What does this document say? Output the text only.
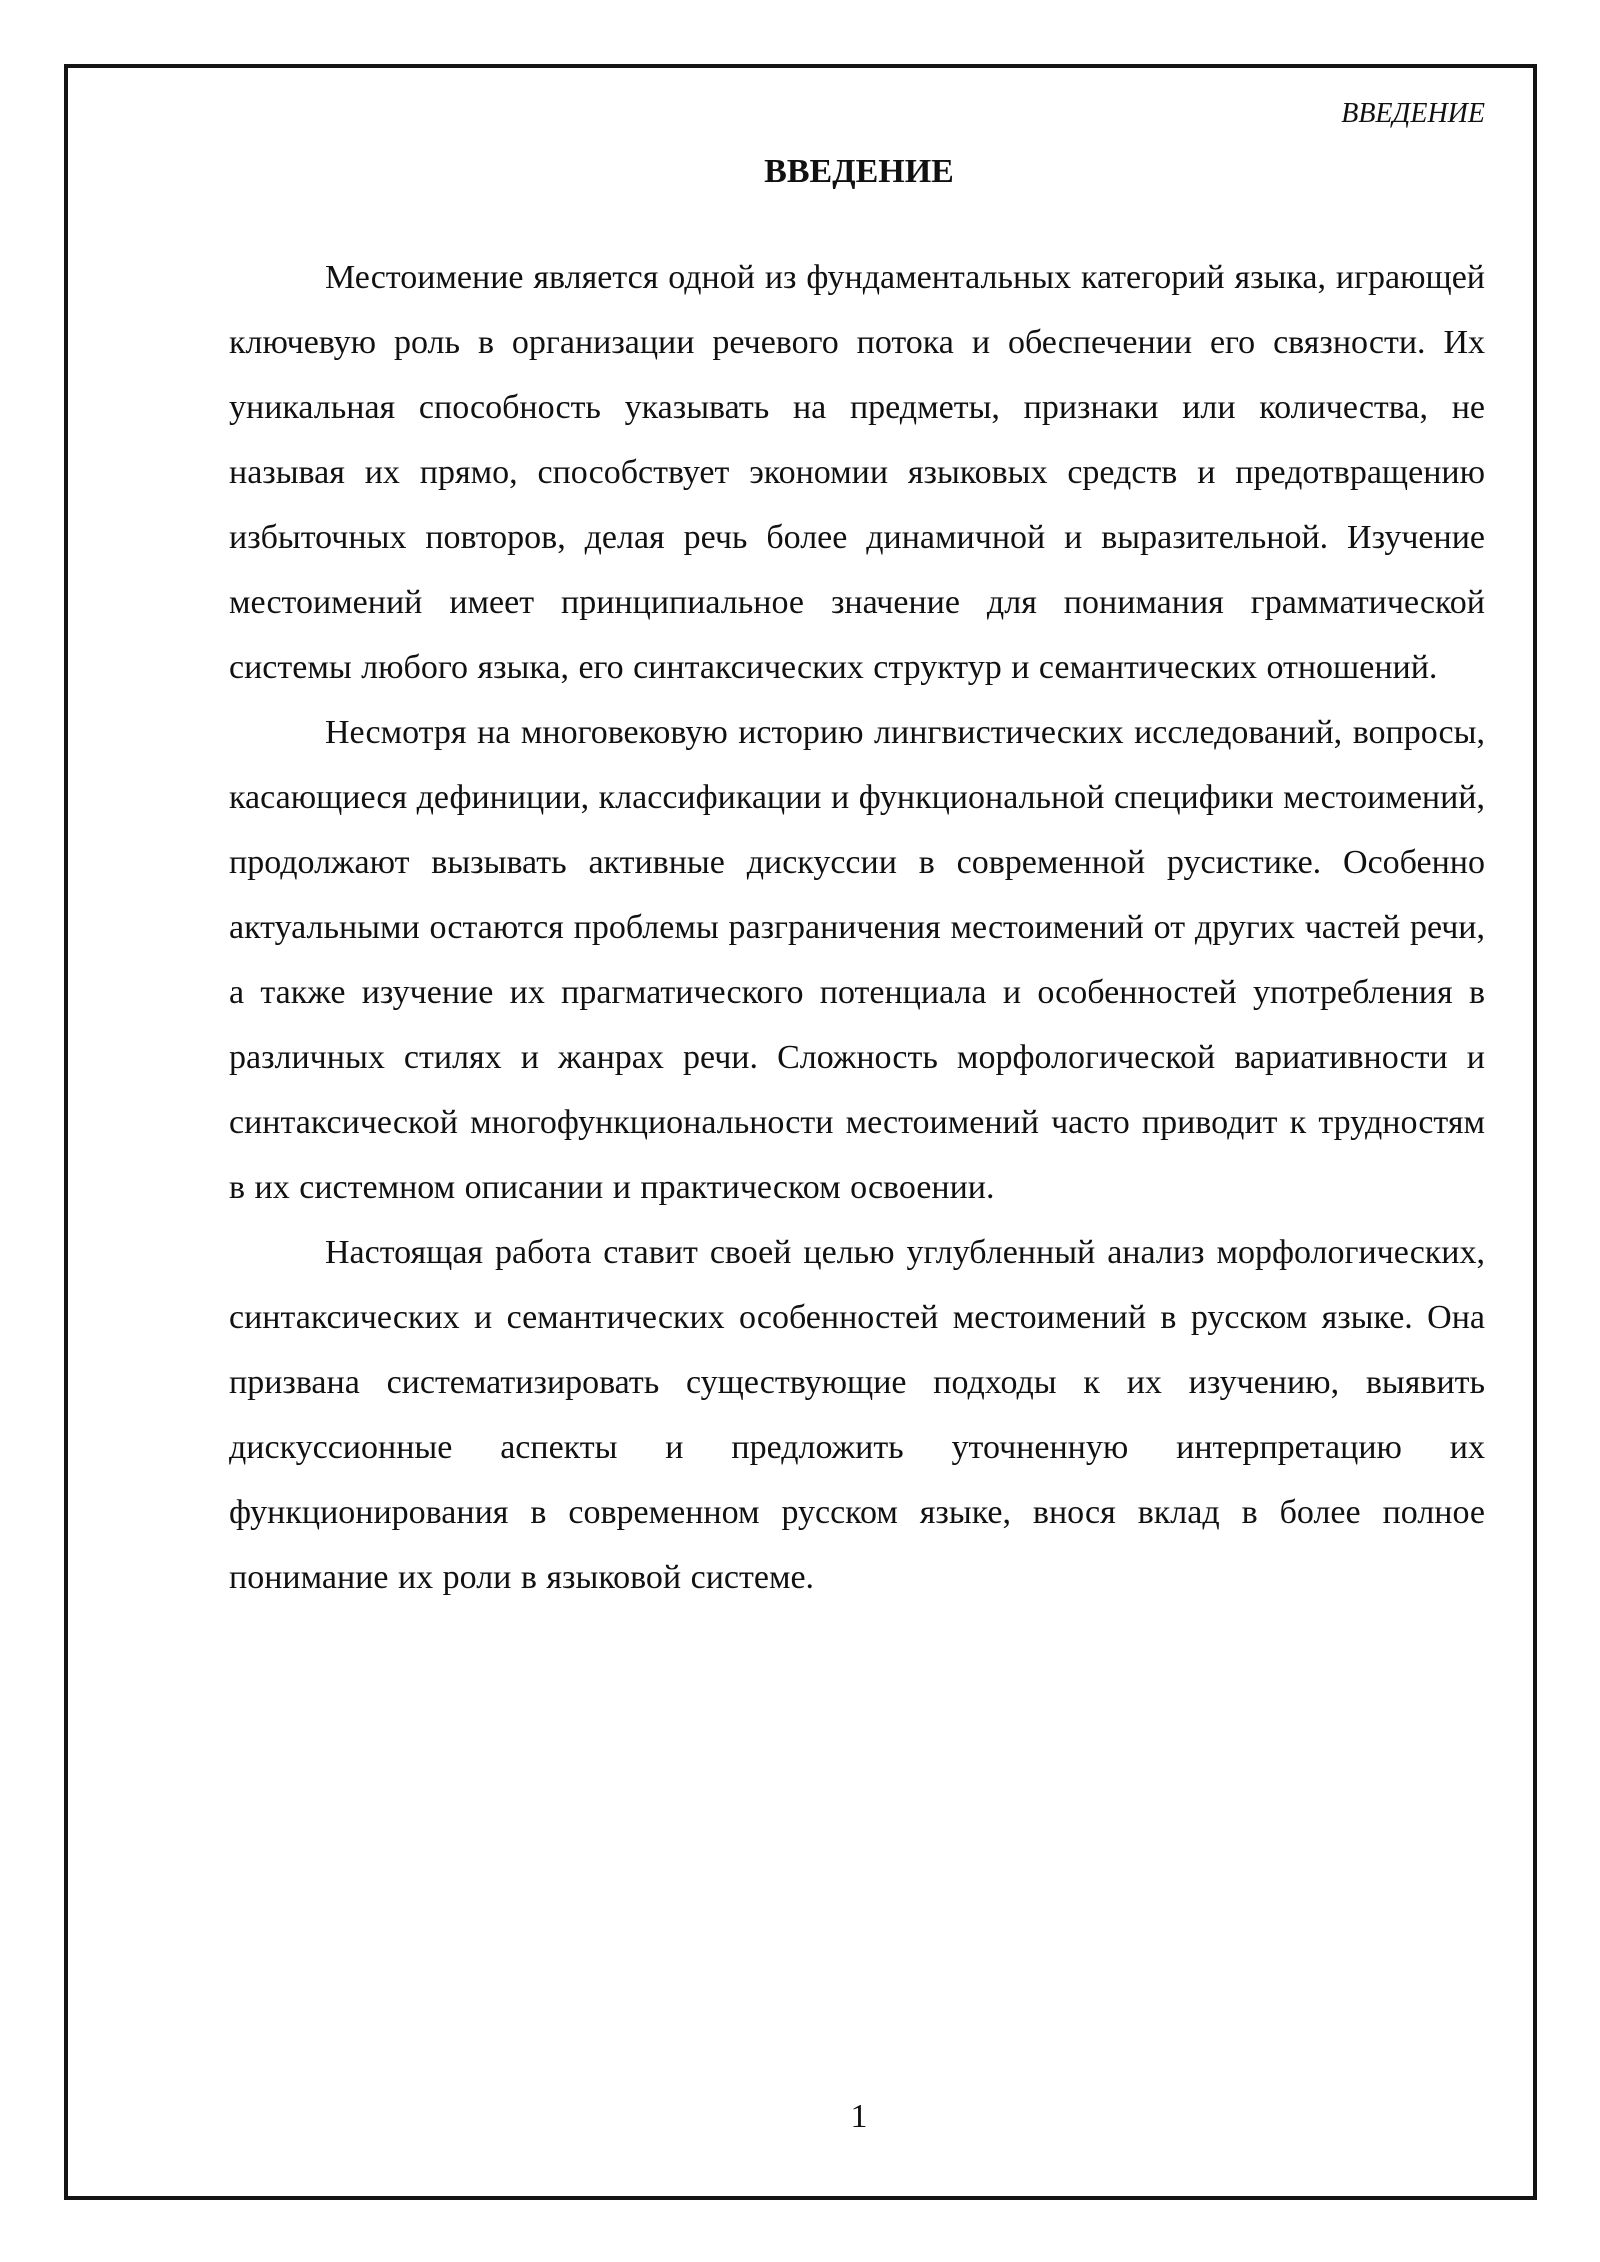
ВВЕДЕНИЕ
ВВЕДЕНИЕ

Местоимение является одной из фундаментальных категорий языка, играющей ключевую роль в организации речевого потока и обеспечении его связности. Их уникальная способность указывать на предметы, признаки или количества, не называя их прямо, способствует экономии языковых средств и предотвращению избыточных повторов, делая речь более динамичной и выразительной. Изучение местоимений имеет принципиальное значение для понимания грамматической системы любого языка, его синтаксических структур и семантических отношений.

Несмотря на многовековую историю лингвистических исследований, вопросы, касающиеся дефиниции, классификации и функциональной специфики местоимений, продолжают вызывать активные дискуссии в современной русистике. Особенно актуальными остаются проблемы разграничения местоимений от других частей речи, а также изучение их прагматического потенциала и особенностей употребления в различных стилях и жанрах речи. Сложность морфологической вариативности и синтаксической многофункциональности местоимений часто приводит к трудностям в их системном описании и практическом освоении.

Настоящая работа ставит своей целью углубленный анализ морфологических, синтаксических и семантических особенностей местоимений в русском языке. Она призвана систематизировать существующие подходы к их изучению, выявить дискуссионные аспекты и предложить уточненную интерпретацию их функционирования в современном русском языке, внося вклад в более полное понимание их роли в языковой системе.

1
